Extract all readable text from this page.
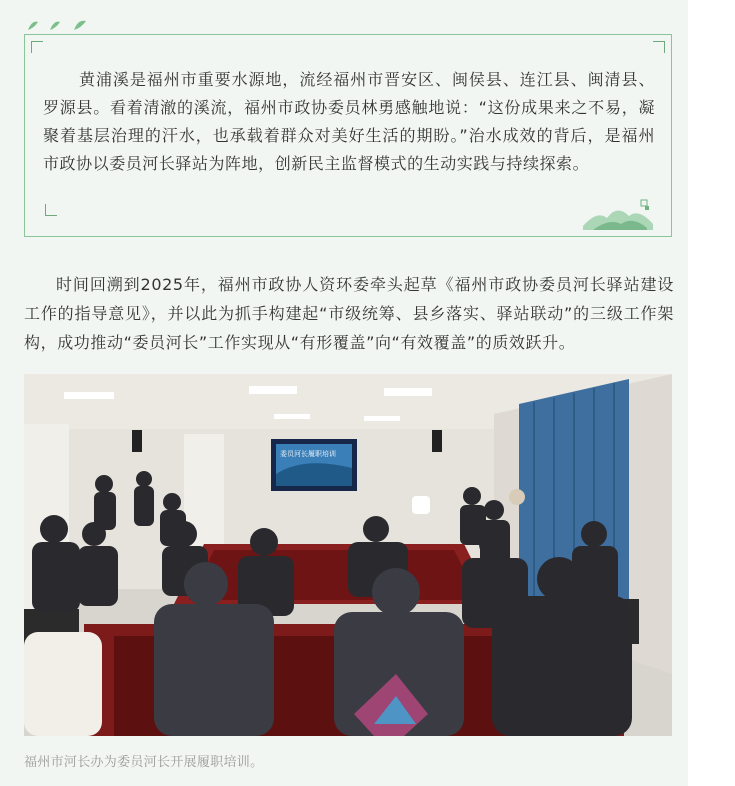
黄浦溪是福州市重要水源地，流经福州市晋安区、闽侯县、连江县、闽清县、罗源县。看着清澈的溪流，福州市政协委员林勇感触地说：“这份成果来之不易，凝聚着基层治理的汗水，也承载着群众对美好生活的期盼。”治水成效的背后，是福州市政协以委员河长驿站为阵地，创新民主监督模式的生动实践与持续探索。

时间回溯到2025年，福州市政协人资环委牵头起草《福州市政协委员河长驿站建设工作的指导意见》，并以此为抓手构建起“市级统筹、县乡落实、驿站联动”的三级工作架构，成功推动“委员河长”工作实现从“有形覆盖”向“有效覆盖”的质效跃升。

委员河长履职培训

福州市河长办为委员河长开展履职培训。
